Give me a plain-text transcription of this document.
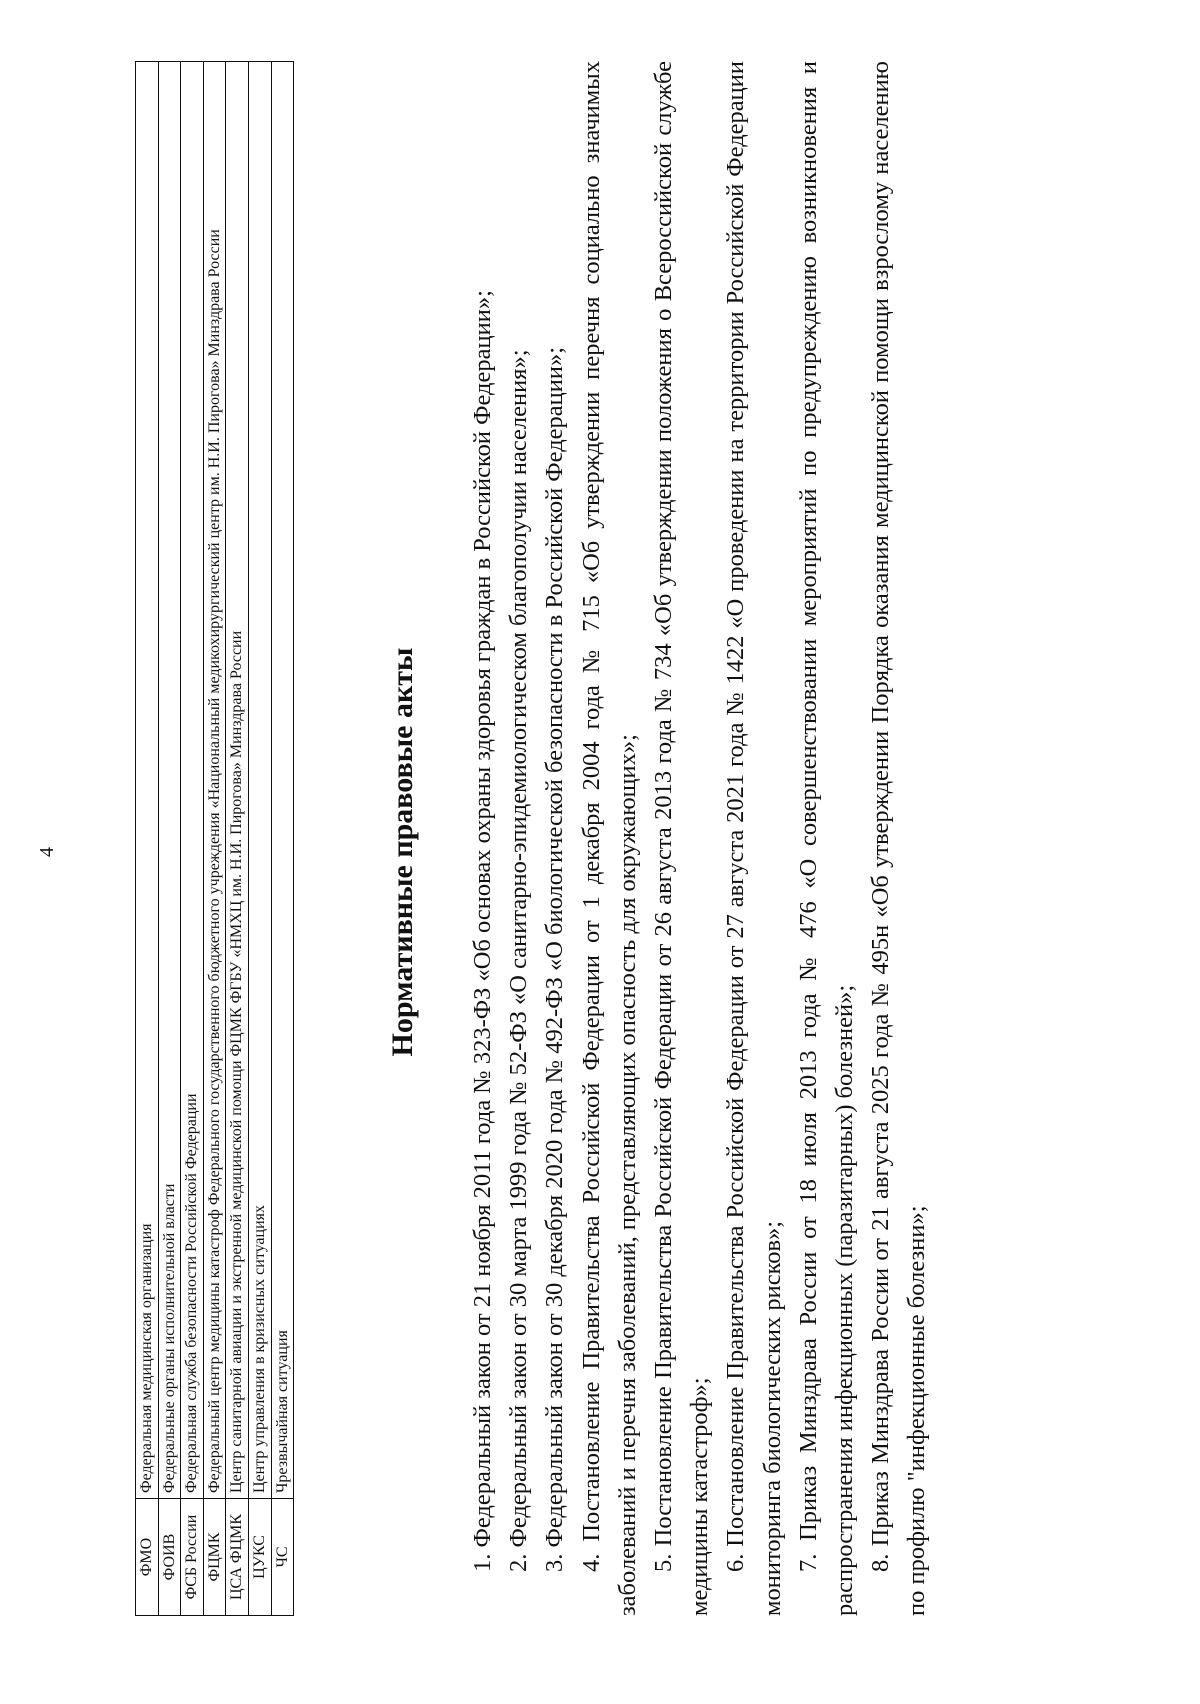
4
ФМО	Федеральная медицинская организация
ФОИВ	Федеральные органы исполнительной власти
ФСБ России	Федеральная служба безопасности Российской Федерации
ФЦМК	Федеральный центр медицины катастроф Федерального государственного бюджетного учреждения «Национальный медикохирургический центр им. Н.И. Пирогова» Минздрава России
ЦСА ФЦМК	Центр санитарной авиации и экстренной медицинской помощи ФЦМК ФГБУ «НМХЦ им. Н.И. Пирогова» Минздрава России
ЦУКС	Центр управления в кризисных ситуациях
ЧС	Чрезвычайная ситуация
Нормативные правовые акты 1. Федеральный закон от 21 ноября 2011 года № 323-ФЗ «Об основах охраны здоровья граждан в Российской Федерации»; 2. Федеральный закон от 30 марта 1999 года № 52-ФЗ «О санитарно-эпидемиологическом благополучии населения»; 3. Федеральный закон от 30 декабря 2020 года № 492-ФЗ «О биологической безопасности в Российской Федерации»; 4. Постановление Правительства Российской Федерации от 1 декабря 2004 года № 715 «Об утверждении перечня социально значимых заболеваний и перечня заболеваний, представляющих опасность для окружающих»; 5. Постановление Правительства Российской Федерации от 26 августа 2013 года № 734 «Об утверждении положения о Всероссийской службе медицины катастроф»; 6. Постановление Правительства Российской Федерации от 27 августа 2021 года № 1422 «О проведении на территории Российской Федерации мониторинга биологических рисков»; 7. Приказ Минздрава России от 18 июля 2013 года № 476 «О совершенствовании мероприятий по предупреждению возникновения и распространения инфекционных (паразитарных) болезней»; 8. Приказ Минздрава России от 21 августа 2025 года № 495н «Об утверждении Порядка оказания медицинской помощи взрослому населению по профилю "инфекционные болезни»;
